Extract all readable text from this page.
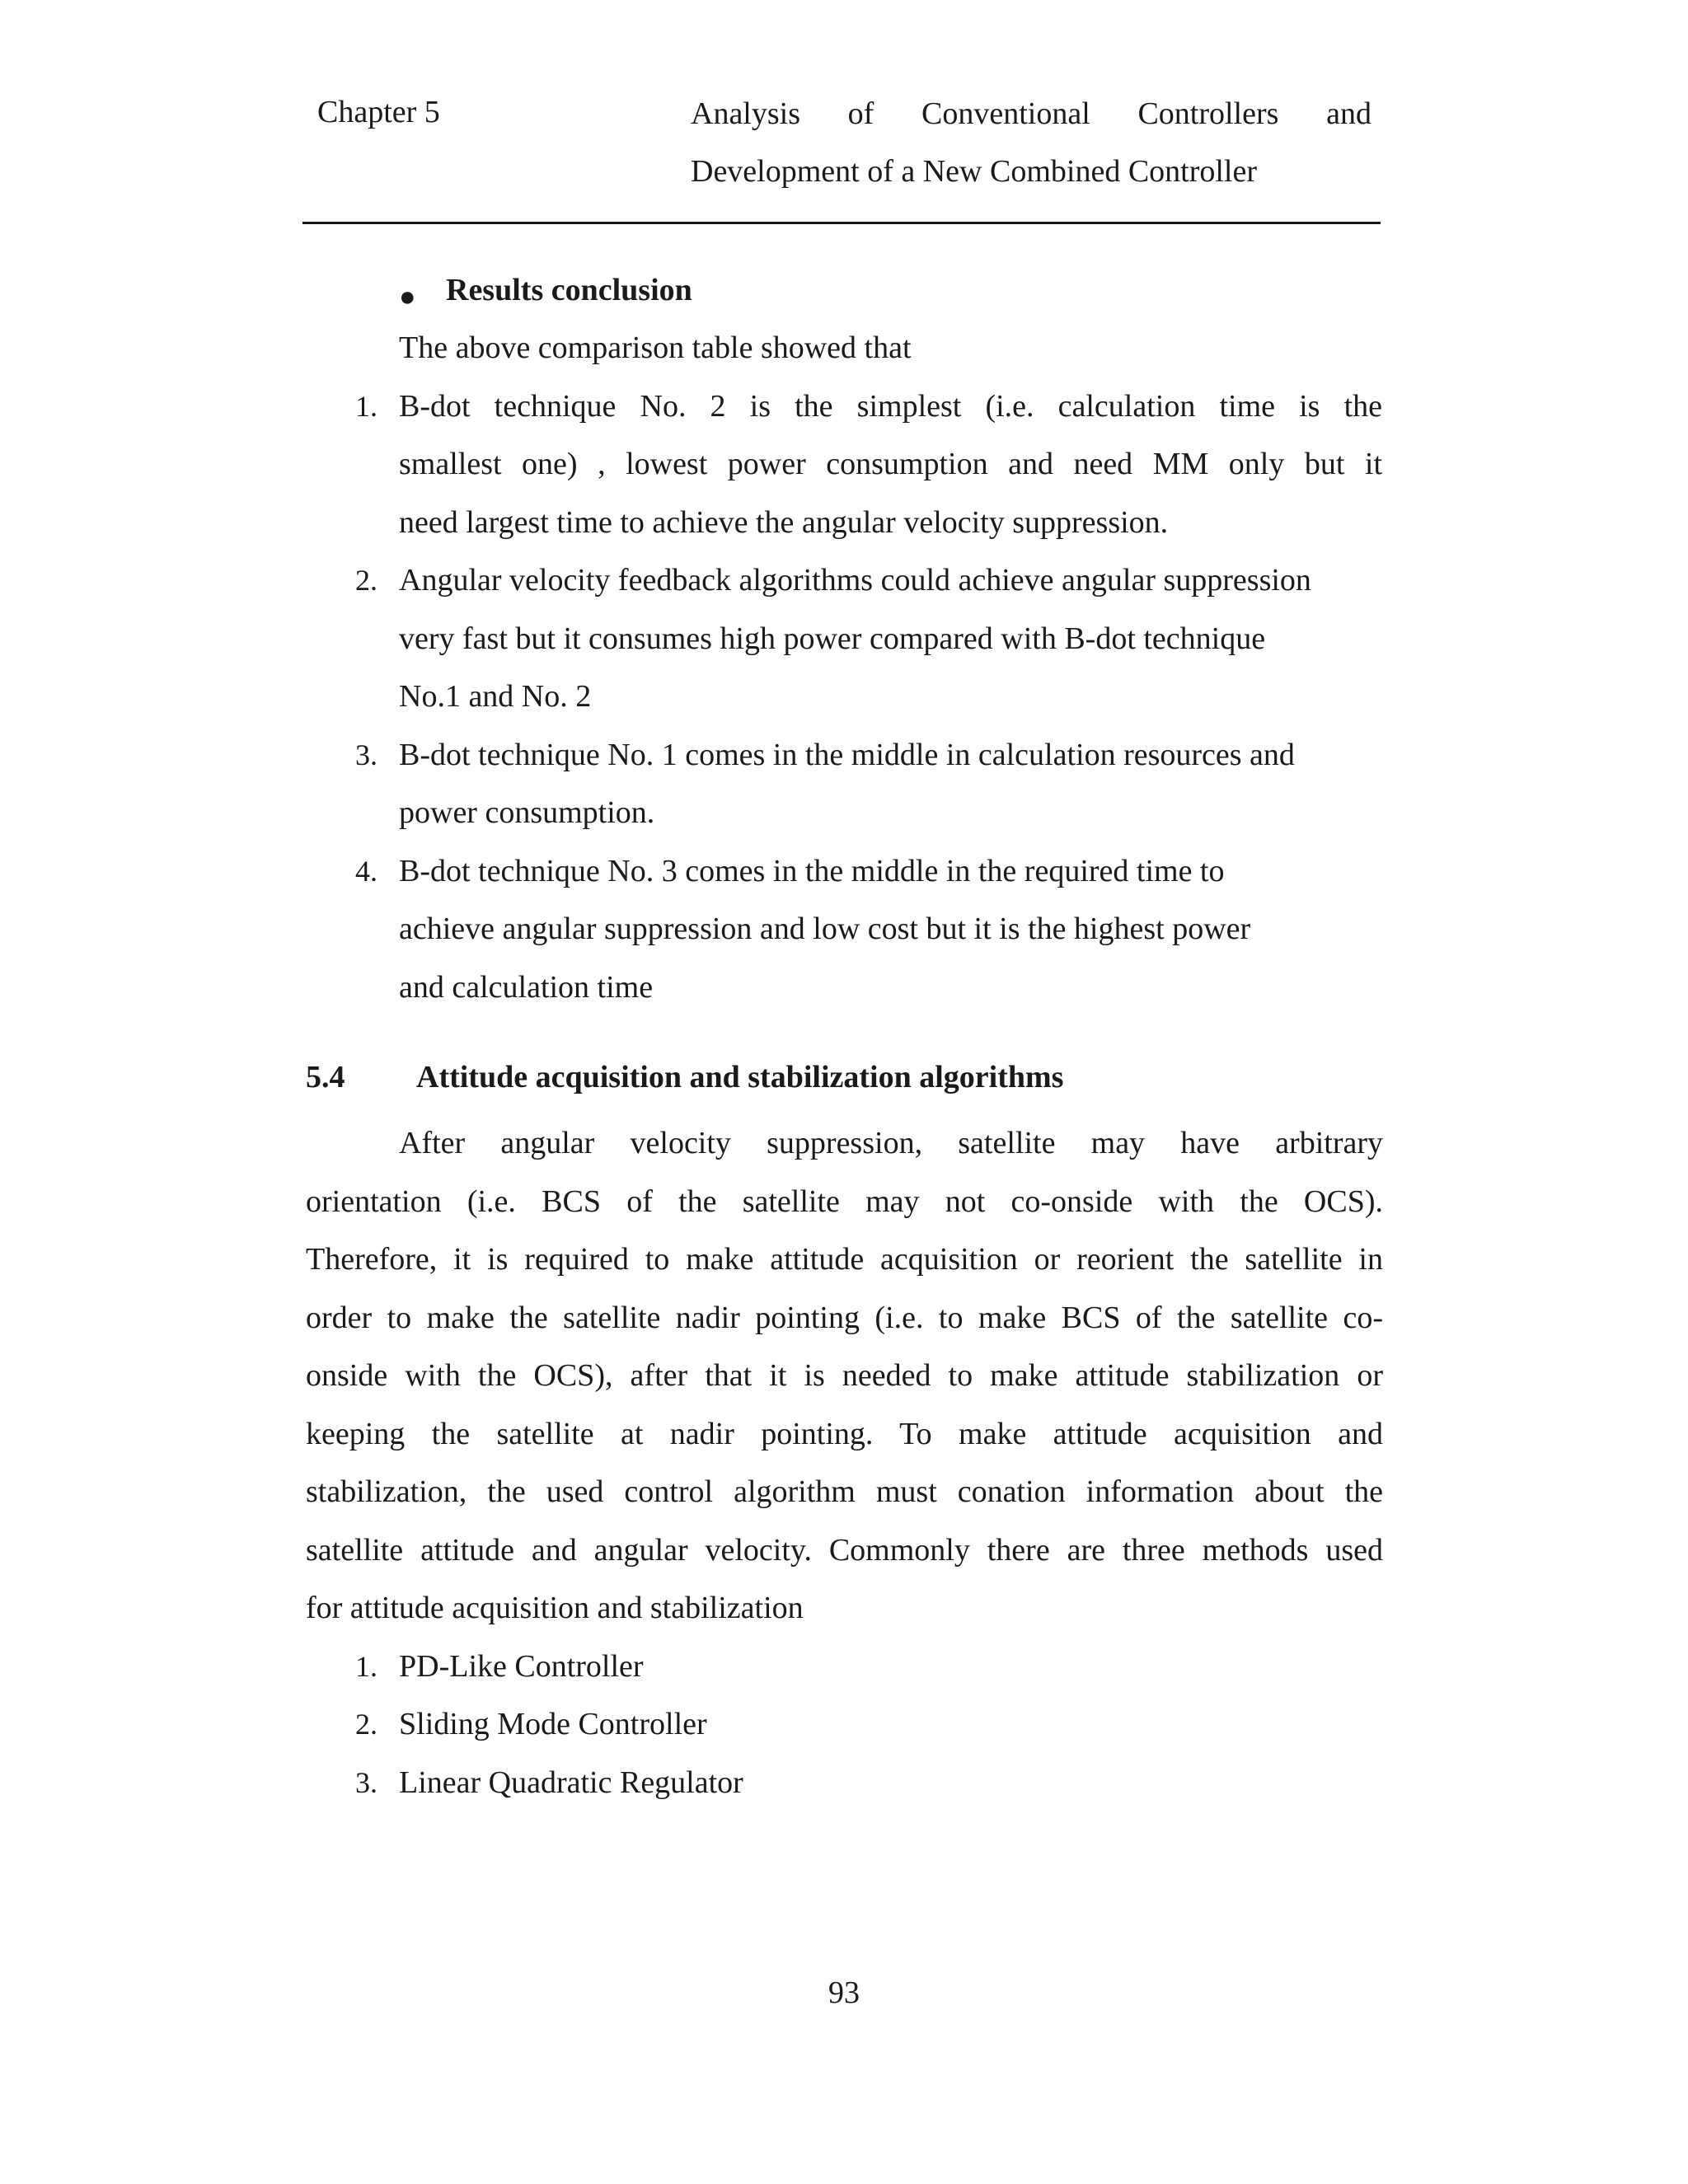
Chapter 5	Analysis of Conventional Controllers and
Development of a New Combined Controller
● Results conclusion
The above comparison table showed that
1. B-dot technique No. 2 is the simplest (i.e. calculation time is the
smallest one) , lowest power consumption and need MM only but it
need largest time to achieve the angular velocity suppression.
2. Angular velocity feedback algorithms could achieve angular suppression
very fast but it consumes high power compared with B-dot technique
No.1 and No. 2
3. B-dot technique No. 1 comes in the middle in calculation resources and
power consumption.
4. B-dot technique No. 3 comes in the middle in the required time to
achieve angular suppression and low cost but it is the highest power
and calculation time
5.4 Attitude acquisition and stabilization algorithms
After angular velocity suppression, satellite may have arbitrary
orientation (i.e. BCS of the satellite may not co-onside with the OCS).
Therefore, it is required to make attitude acquisition or reorient the satellite in
order to make the satellite nadir pointing (i.e. to make BCS of the satellite co-
onside with the OCS), after that it is needed to make attitude stabilization or
keeping the satellite at nadir pointing. To make attitude acquisition and
stabilization, the used control algorithm must conation information about the
satellite attitude and angular velocity. Commonly there are three methods used
for attitude acquisition and stabilization
1. PD-Like Controller
2. Sliding Mode Controller
3. Linear Quadratic Regulator
93
